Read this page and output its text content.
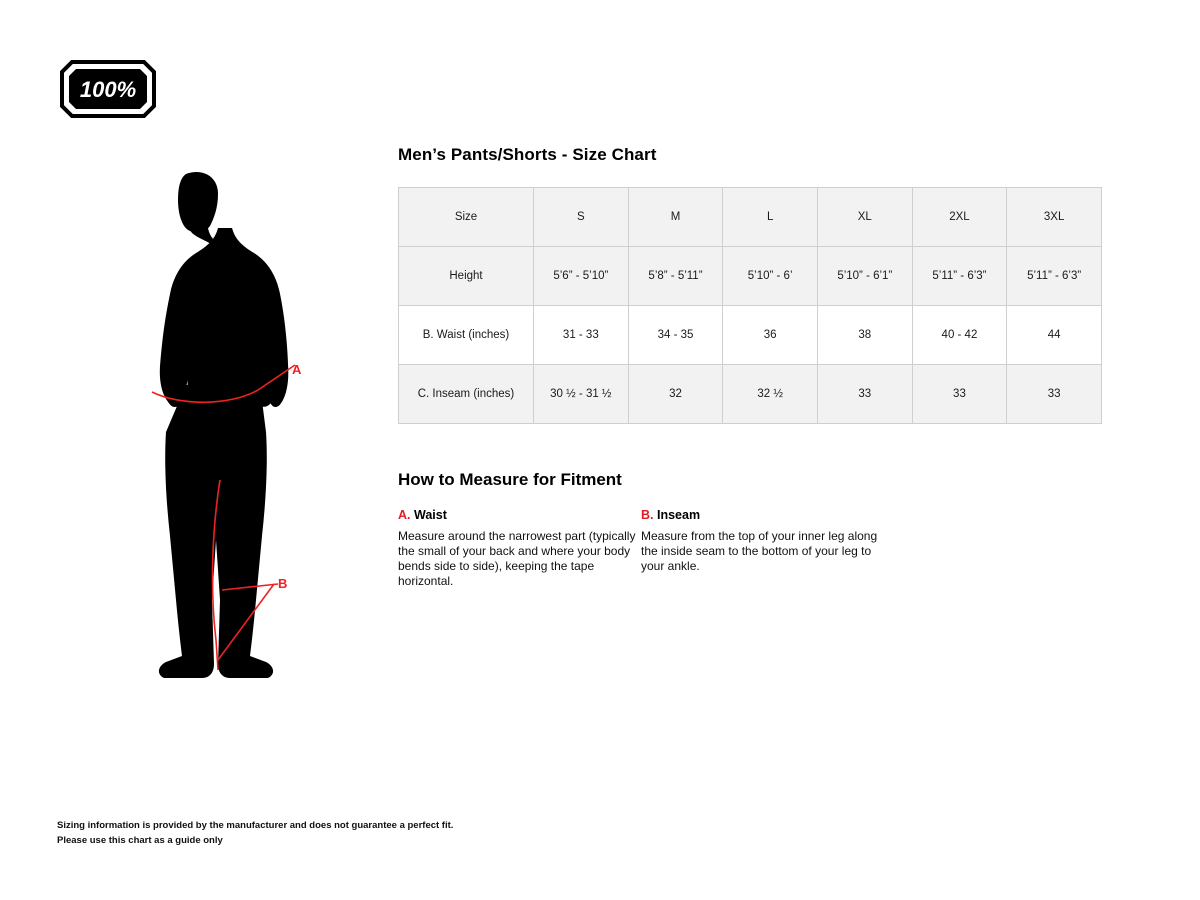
100%
A
B
Men’s Pants/Shorts - Size Chart
Size	S	M	L	XL	2XL	3XL
Height	5’6” - 5’10”	5’8” - 5’11”	5’10” - 6’	5’10” - 6’1”	5’11” - 6’3”	5’11” - 6’3”
B. Waist (inches)	31 - 33	34 - 35	36	38	40 - 42	44
C. Inseam (inches)	30 ½ - 31 ½	32	32 ½	33	33	33
How to Measure for Fitment
A. Waist
Measure around the narrowest part (typically the small of your back and where your body bends side to side), keeping the tape horizontal.
B. Inseam
Measure from the top of your inner leg along the inside seam to the bottom of your leg to your ankle.
Sizing information is provided by the manufacturer and does not guarantee a perfect fit.
Please use this chart as a guide only
